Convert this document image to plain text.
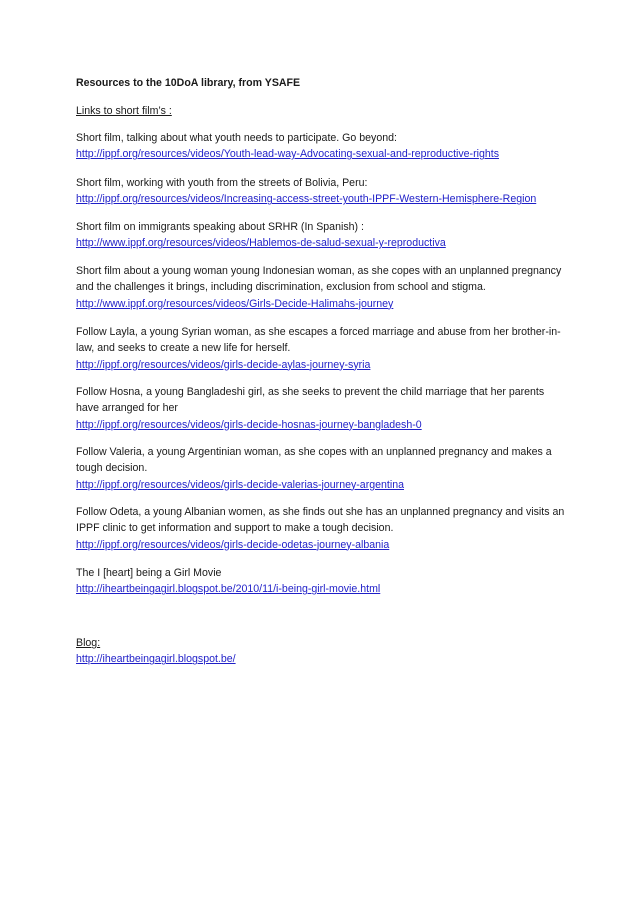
Resources to the 10DoA library, from YSAFE
Links to short film’s :

Short film, talking about what youth needs to participate. Go beyond:

http://ippf.org/resources/videos/Youth-lead-way-Advocating-sexual-and-reproductive-rights

Short film, working with youth from the streets of Bolivia, Peru:

http://ippf.org/resources/videos/Increasing-access-street-youth-IPPF-Western-Hemisphere-Region

Short film on immigrants speaking about SRHR (In Spanish) :

http://www.ippf.org/resources/videos/Hablemos-de-salud-sexual-y-reproductiva

Short film about a young woman young Indonesian woman, as she copes with an unplanned pregnancy and the challenges it brings, including discrimination, exclusion from school and stigma.

http://www.ippf.org/resources/videos/Girls-Decide-Halimahs-journey

Follow Layla, a young Syrian woman, as she escapes a forced marriage and abuse from her brother-in-law, and seeks to create a new life for herself.

http://ippf.org/resources/videos/girls-decide-aylas-journey-syria

Follow Hosna, a young Bangladeshi girl, as she seeks to prevent the child marriage that her parents have arranged for her

http://ippf.org/resources/videos/girls-decide-hosnas-journey-bangladesh-0

Follow Valeria, a young Argentinian woman, as she copes with an unplanned pregnancy and makes a tough decision.

http://ippf.org/resources/videos/girls-decide-valerias-journey-argentina

Follow Odeta, a young Albanian women, as she finds out she has an unplanned pregnancy and visits an IPPF clinic to get information and support to make a tough decision.

http://ippf.org/resources/videos/girls-decide-odetas-journey-albania

The I [heart] being a Girl Movie

http://iheartbeingagirl.blogspot.be/2010/11/i-being-girl-movie.html

Blog:

http://iheartbeingagirl.blogspot.be/
